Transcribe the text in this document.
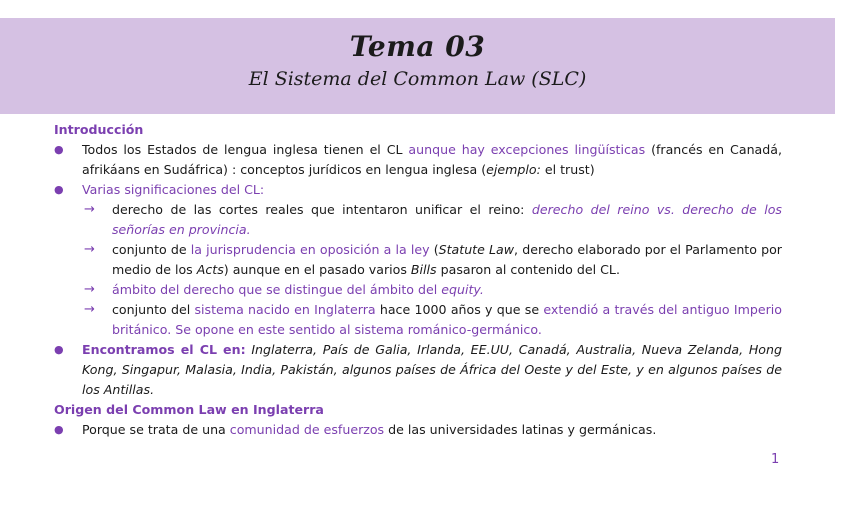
Tema 03
El Sistema del Common Law (SLC)
Introducción
● Todos los Estados de lengua inglesa tienen el CL aunque hay excepciones lingüísticas (francés en Canadá, afrikáans en Sudáfrica) : conceptos jurídicos en lengua inglesa (ejemplo: el trust)
● Varias significaciones del CL:
→ derecho de las cortes reales que intentaron unificar el reino: derecho del reino vs. derecho de los señorías en provincia.
→ conjunto de la jurisprudencia en oposición a la ley (Statute Law, derecho elaborado por el Parlamento por medio de los Acts) aunque en el pasado varios Bills pasaron al contenido del CL.
→ ámbito del derecho que se distingue del ámbito del equity.
→ conjunto del sistema nacido en Inglaterra hace 1000 años y que se extendió a través del antiguo Imperio británico. Se opone en este sentido al sistema románico-germánico.
● Encontramos el CL en: Inglaterra, País de Galia, Irlanda, EE.UU, Canadá, Australia, Nueva Zelanda, Hong Kong, Singapur, Malasia, India, Pakistán, algunos países de África del Oeste y del Este, y en algunos países de los Antillas.
Origen del Common Law en Inglaterra
● Porque se trata de una comunidad de esfuerzos de las universidades latinas y germánicas.
1
